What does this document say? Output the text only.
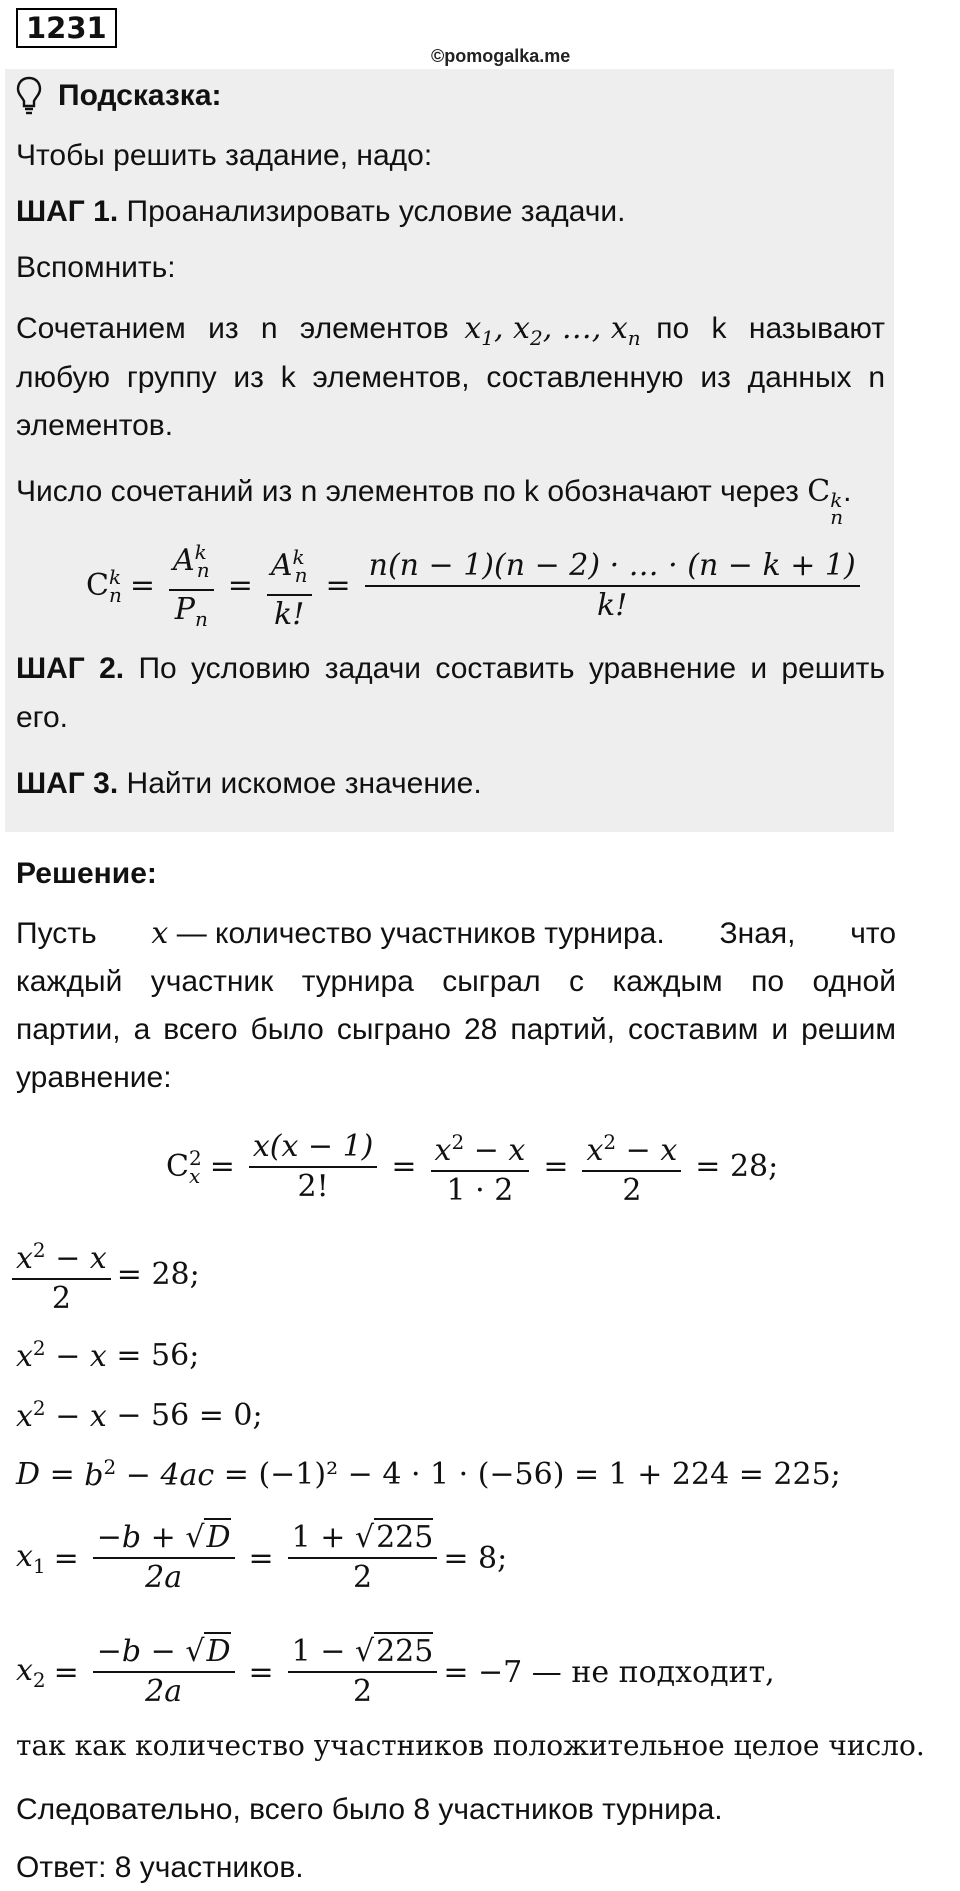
1231
©pomogalka.me
Подсказка:
Чтобы решить задание, надо:
ШАГ 1. Проанализировать условие задачи.
Вспомнить:
Сочетанием из n элементов $x_1$, $x_2$, …, $x_n$ по k называют
любую группу из k элементов, составленную из данных n
элементов.
Число сочетаний из n элементов по k обозначают через C k
n
.
C k
$n = \frac{A^k_n}{P_n} = \frac{A^k_n}{k!} = \frac{n(n - 1)(n - 2) \cdot \dots \cdot (n - k + 1)}{k!}$
ШАГ 2. По условию задачи составить уравнение и решить
его.
ШАГ 3. Найти искомое значение.
Решение:
Пусть x — количество участников турнира. Зная, что
каждый участник турнира сыграл с каждым по одной
партии, а всего было сыграно 28 партий, составим и решим
уравнение:
C 2
$x = \frac{x(x - 1)}{2!} = \frac{x^2 - x}{1 \cdot 2} = \frac{x^2 - x}{2} = 28$;
$\frac{x^2 - x}{2} = 28$;
$x^2 - x$
= 56;
$x^2 - x$
− 56 = 0;
D
=
$b^2 - 4ac$
= (−1)² − 4 · 1 · (−56) = 1 + 224 = 225;
$x_1 = \frac{-b + √D}{2a} = \frac{1 + √225}{2} = 8$;
$x_2 = \frac{-b - √D}{2a} = \frac{1 - √225}{2} = -7$ — не подходит,
так как количество участников положительное целое число.
Следовательно, всего было 8 участников турнира.
Ответ: 8 участников.
